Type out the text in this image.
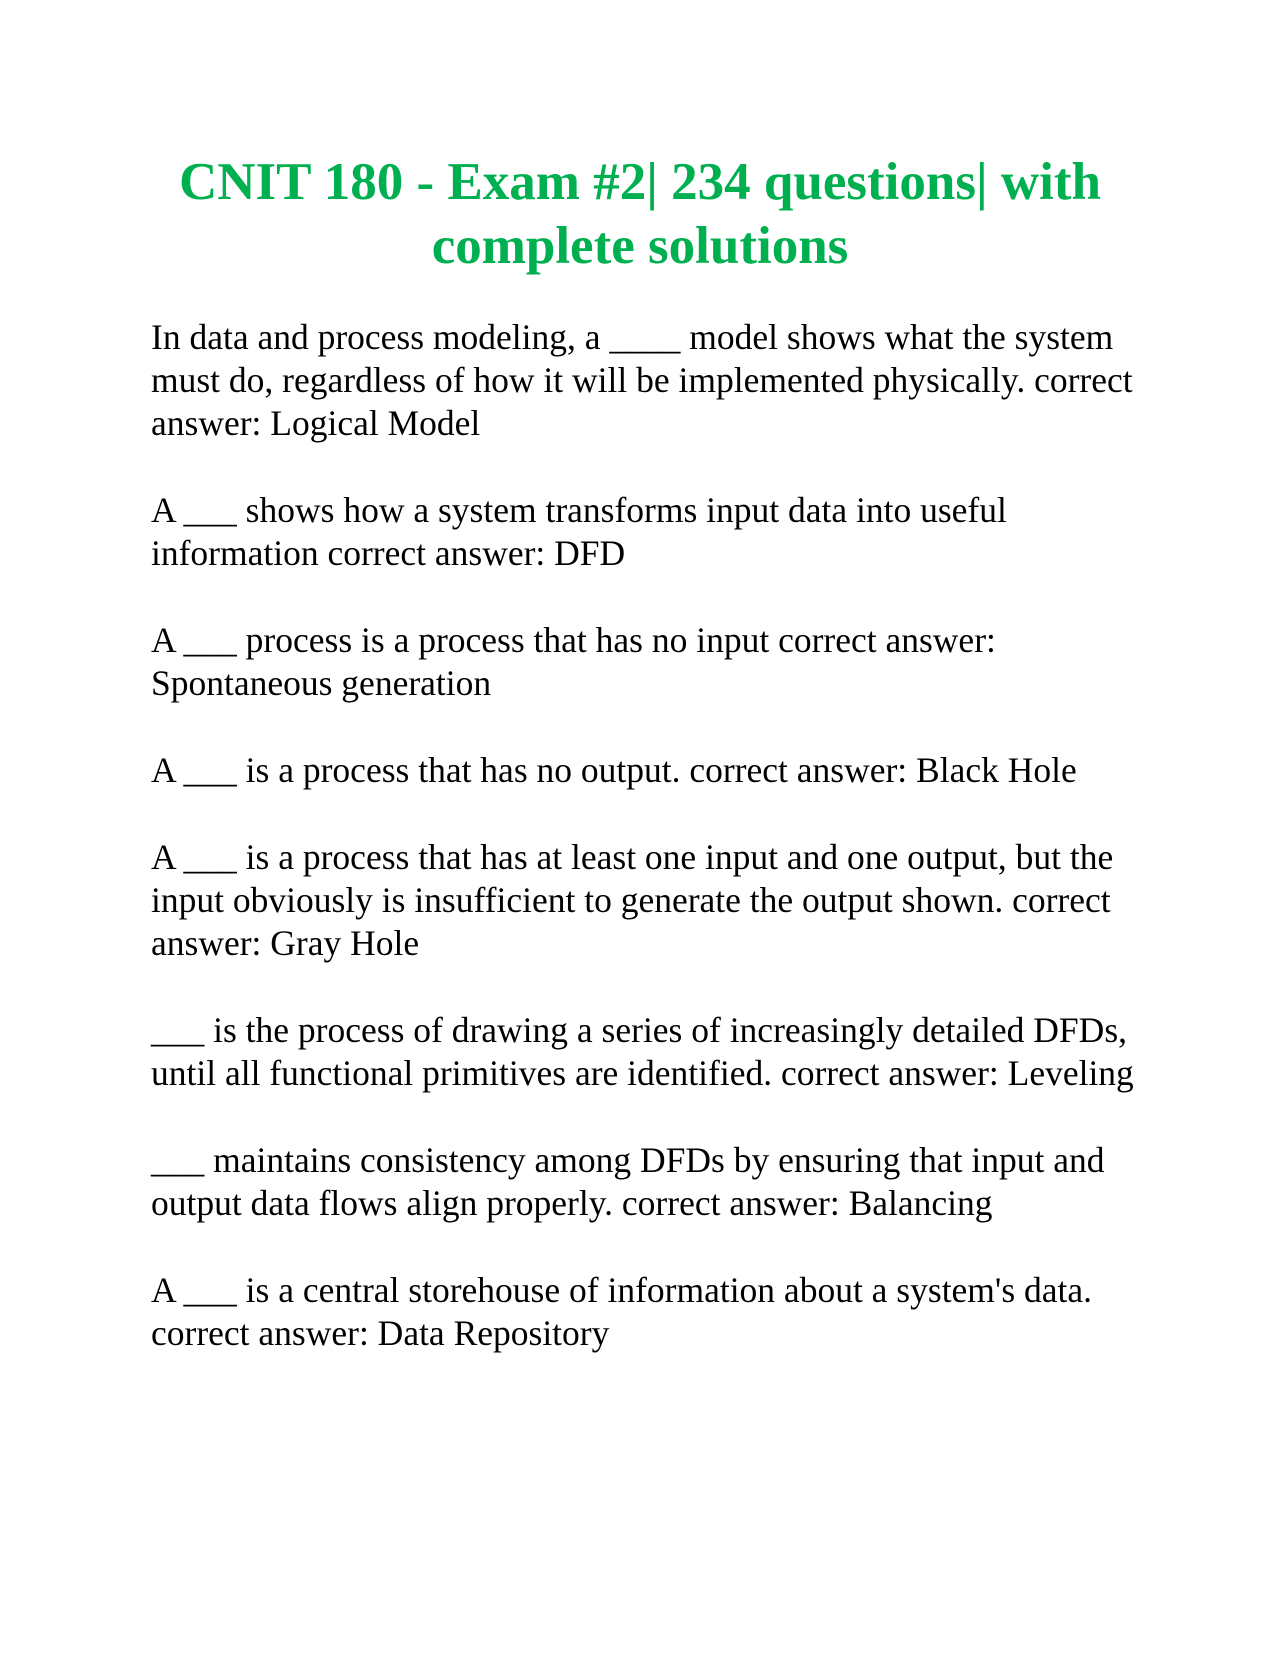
CNIT 180 - Exam #2| 234 questions| with complete solutions

In data and process modeling, a ____ model shows what the system must do, regardless of how it will be implemented physically. correct answer: Logical Model

A ___ shows how a system transforms input data into useful information correct answer: DFD

A ___ process is a process that has no input correct answer: Spontaneous generation

A ___ is a process that has no output. correct answer: Black Hole

A ___ is a process that has at least one input and one output, but the input obviously is insufficient to generate the output shown. correct answer: Gray Hole

___ is the process of drawing a series of increasingly detailed DFDs, until all functional primitives are identified. correct answer: Leveling

___ maintains consistency among DFDs by ensuring that input and output data flows align properly. correct answer: Balancing

A ___ is a central storehouse of information about a system's data. correct answer: Data Repository
